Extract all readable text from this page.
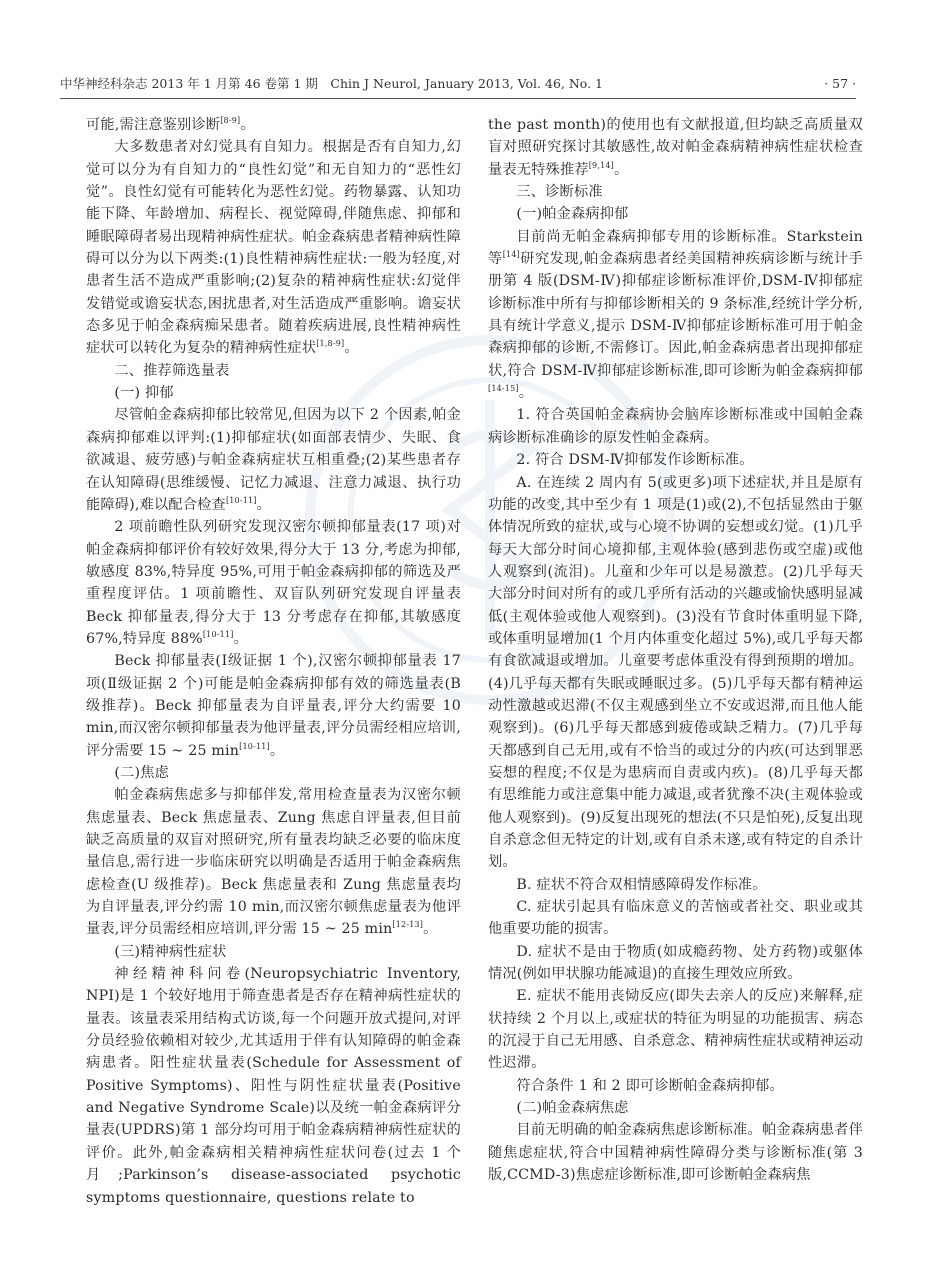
中华神经科杂志 2013 年 1 月第 46 卷第 1 期　Chin J Neurol, January 2013, Vol. 46, No. 1	· 57 ·

可能,需注意鉴别诊断[8-9]。

大多数患者对幻觉具有自知力。根据是否有自知力,幻觉可以分为有自知力的“良性幻觉”和无自知力的“恶性幻觉”。良性幻觉有可能转化为恶性幻觉。药物暴露、认知功能下降、年龄增加、病程长、视觉障碍,伴随焦虑、抑郁和睡眠障碍者易出现精神病性症状。帕金森病患者精神病性障碍可以分为以下两类:(1)良性精神病性症状:一般为轻度,对患者生活不造成严重影响;(2)复杂的精神病性症状:幻觉伴发错觉或谵妄状态,困扰患者,对生活造成严重影响。谵妄状态多见于帕金森病痴呆患者。随着疾病进展,良性精神病性症状可以转化为复杂的精神病性症状[1,8-9]。

二、推荐筛选量表

(一) 抑郁

尽管帕金森病抑郁比较常见,但因为以下 2 个因素,帕金森病抑郁难以评判:(1)抑郁症状(如面部表情少、失眠、食欲减退、疲劳感)与帕金森病症状互相重叠;(2)某些患者存在认知障碍(思维缓慢、记忆力减退、注意力减退、执行功能障碍),难以配合检查[10-11]。

2 项前瞻性队列研究发现汉密尔顿抑郁量表(17 项)对帕金森病抑郁评价有较好效果,得分大于 13 分,考虑为抑郁,敏感度 83%,特异度 95%,可用于帕金森病抑郁的筛选及严重程度评估。1 项前瞻性、双盲队列研究发现自评量表 Beck 抑郁量表,得分大于 13 分考虑存在抑郁,其敏感度 67%,特异度 88%[10-11]。

Beck 抑郁量表(Ⅰ级证据 1 个),汉密尔顿抑郁量表 17 项(Ⅱ级证据 2 个)可能是帕金森病抑郁有效的筛选量表(B 级推荐)。Beck 抑郁量表为自评量表,评分大约需要 10 min,而汉密尔顿抑郁量表为他评量表,评分员需经相应培训,评分需要 15 ~ 25 min[10-11]。

(二)焦虑

帕金森病焦虑多与抑郁伴发,常用检查量表为汉密尔顿焦虑量表、Beck 焦虑量表、Zung 焦虑自评量表,但目前缺乏高质量的双盲对照研究,所有量表均缺乏必要的临床度量信息,需行进一步临床研究以明确是否适用于帕金森病焦虑检查(U 级推荐)。Beck 焦虑量表和 Zung 焦虑量表均为自评量表,评分约需 10 min,而汉密尔顿焦虑量表为他评量表,评分员需经相应培训,评分需 15 ~ 25 min[12-13]。

(三)精神病性症状

神经精神科问卷(Neuropsychiatric Inventory, NPI)是 1 个较好地用于筛查患者是否存在精神病性症状的量表。该量表采用结构式访谈,每一个问题开放式提问,对评分员经验依赖相对较少,尤其适用于伴有认知障碍的帕金森病患者。阳性症状量表(Schedule for Assessment of Positive Symptoms)、阳性与阴性症状量表(Positive and Negative Syndrome Scale)以及统一帕金森病评分量表(UPDRS)第 1 部分均可用于帕金森病精神病性症状的评价。此外,帕金森病相关精神病性症状问卷(过去 1 个月;Parkinson’s disease-associated psychotic symptoms questionnaire, questions relate to

the past month)的使用也有文献报道,但均缺乏高质量双盲对照研究探讨其敏感性,故对帕金森病精神病性症状检查量表无特殊推荐[9,14]。

三、诊断标准

(一)帕金森病抑郁

目前尚无帕金森病抑郁专用的诊断标准。Starkstein 等[14]研究发现,帕金森病患者经美国精神疾病诊断与统计手册第 4 版(DSM-Ⅳ)抑郁症诊断标准评价,DSM-Ⅳ抑郁症诊断标准中所有与抑郁诊断相关的 9 条标准,经统计学分析,具有统计学意义,提示 DSM-Ⅳ抑郁症诊断标准可用于帕金森病抑郁的诊断,不需修订。因此,帕金森病患者出现抑郁症状,符合 DSM-Ⅳ抑郁症诊断标准,即可诊断为帕金森病抑郁[14-15]。

1. 符合英国帕金森病协会脑库诊断标准或中国帕金森病诊断标准确诊的原发性帕金森病。

2. 符合 DSM-Ⅳ抑郁发作诊断标准。

A. 在连续 2 周内有 5(或更多)项下述症状,并且是原有功能的改变,其中至少有 1 项是(1)或(2),不包括显然由于躯体情况所致的症状,或与心境不协调的妄想或幻觉。(1)几乎每天大部分时间心境抑郁,主观体验(感到悲伤或空虚)或他人观察到(流泪)。儿童和少年可以是易激惹。(2)几乎每天大部分时间对所有的或几乎所有活动的兴趣或愉快感明显减低(主观体验或他人观察到)。(3)没有节食时体重明显下降,或体重明显增加(1 个月内体重变化超过 5%),或几乎每天都有食欲减退或增加。儿童要考虑体重没有得到预期的增加。(4)几乎每天都有失眠或睡眠过多。(5)几乎每天都有精神运动性激越或迟滞(不仅主观感到坐立不安或迟滞,而且他人能观察到)。(6)几乎每天都感到疲倦或缺乏精力。(7)几乎每天都感到自己无用,或有不恰当的或过分的内疚(可达到罪恶妄想的程度;不仅是为患病而自责或内疚)。(8)几乎每天都有思维能力或注意集中能力减退,或者犹豫不决(主观体验或他人观察到)。(9)反复出现死的想法(不只是怕死),反复出现自杀意念但无特定的计划,或有自杀未遂,或有特定的自杀计划。

B. 症状不符合双相情感障碍发作标准。

C. 症状引起具有临床意义的苦恼或者社交、职业或其他重要功能的损害。

D. 症状不是由于物质(如成瘾药物、处方药物)或躯体情况(例如甲状腺功能减退)的直接生理效应所致。

E. 症状不能用丧恸反应(即失去亲人的反应)来解释,症状持续 2 个月以上,或症状的特征为明显的功能损害、病态的沉浸于自己无用感、自杀意念、精神病性症状或精神运动性迟滞。

符合条件 1 和 2 即可诊断帕金森病抑郁。

(二)帕金森病焦虑

目前无明确的帕金森病焦虑诊断标准。帕金森病患者伴随焦虑症状,符合中国精神病性障碍分类与诊断标准(第 3 版,CCMD-3)焦虑症诊断标准,即可诊断帕金森病焦
